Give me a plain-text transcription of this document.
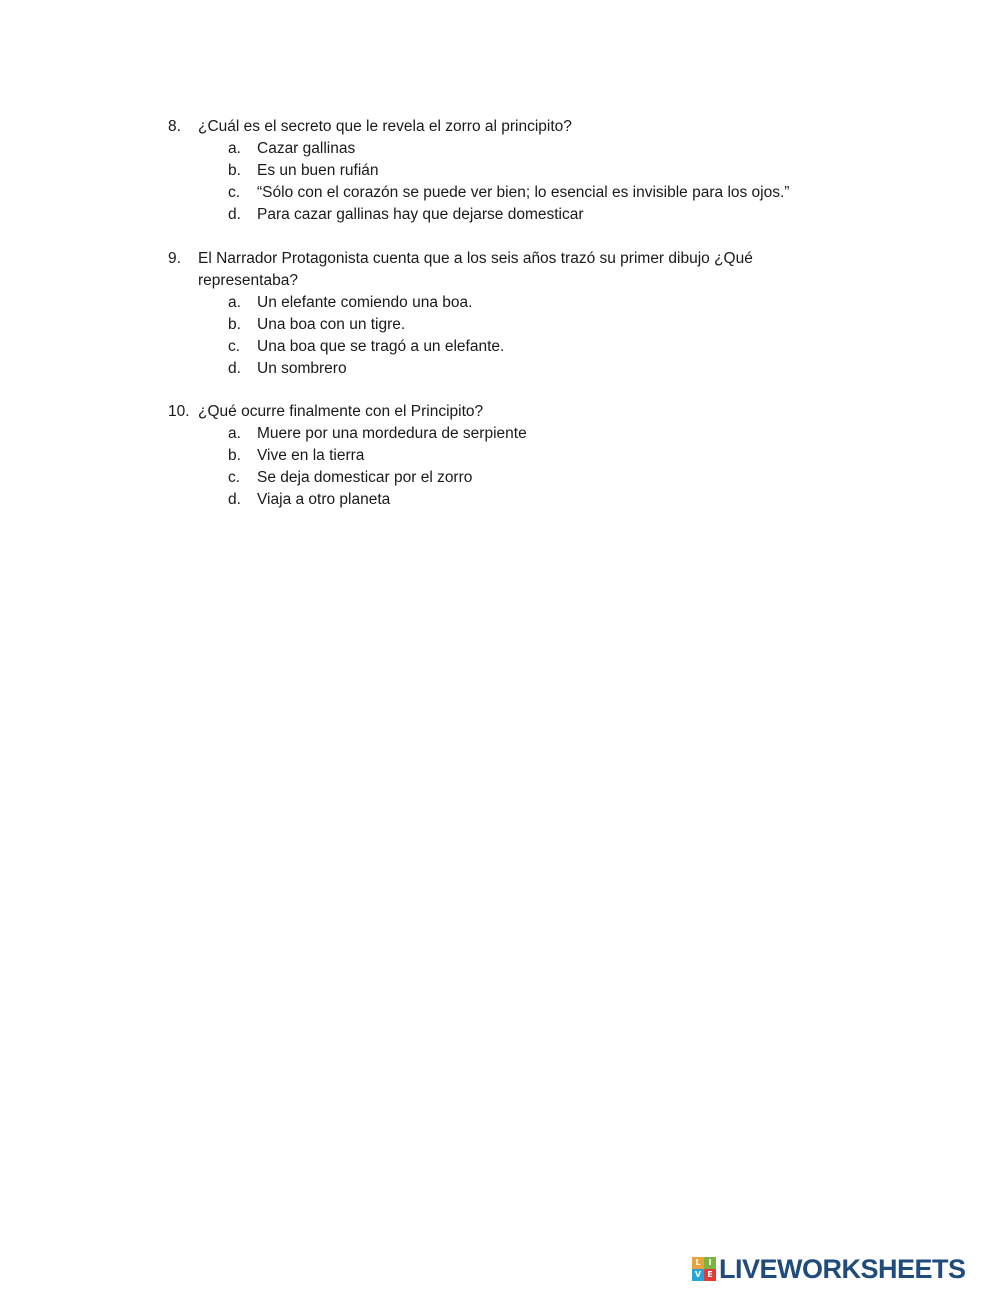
8.	¿Cuál es el secreto que le revela el zorro al principito?
a.	Cazar gallinas
b.	Es un buen rufián
c.	“Sólo con el corazón se puede ver bien; lo esencial es invisible para los ojos.”
d.	Para cazar gallinas hay que dejarse domesticar
9.	El Narrador Protagonista cuenta que a los seis años trazó su primer dibujo ¿Qué representaba?
a.	Un elefante comiendo una boa.
b.	Una boa con un tigre.
c.	Una boa que se tragó a un elefante.
d.	Un sombrero
10. ¿Qué ocurre finalmente con el Principito?
a.	Muere por una mordedura de serpiente
b.	Vive en la tierra
c.	Se deja domesticar por el zorro
d.	Viaja a otro planeta
L I
V E LIVEWORKSHEETS
